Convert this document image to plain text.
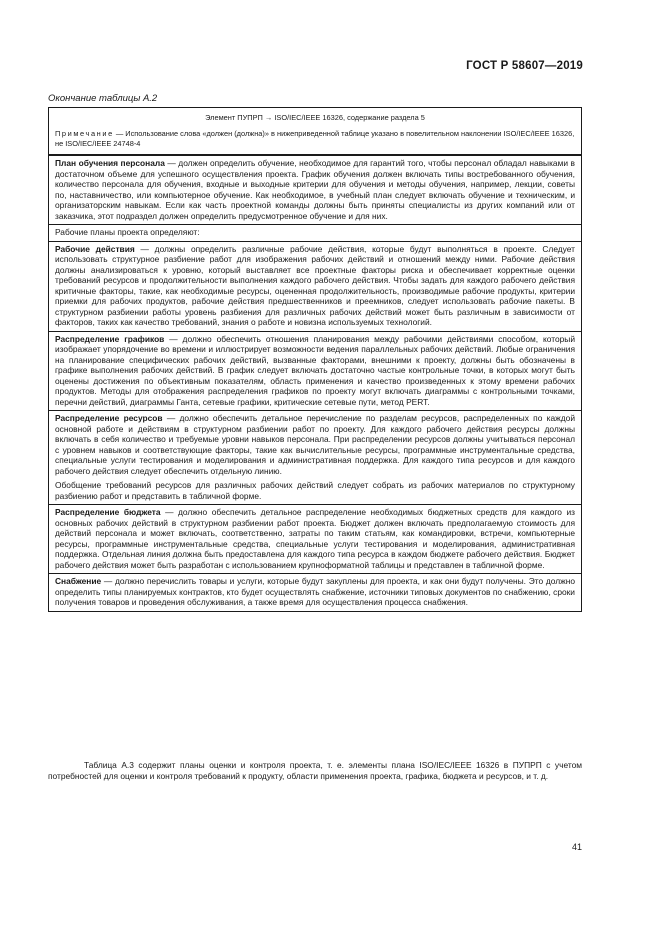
ГОСТ Р 58607—2019
Окончание таблицы А.2
Элемент ПУПРП → ISO/IEC/IEEE 16326, содержание раздела 5
Примечание — Использование слова «должен (должна)» в нижеприведенной таблице указано в повелительном наклонении ISO/IEC/IEEE 16326, не ISO/IEC/IEEE 24748-4

План обучения персонала — должен определить обучение, необходимое для гарантий того, чтобы персонал обладал навыками в достаточном объеме для успешного осуществления проекта. График обучения должен включать типы востребованного обучения, количество персонала для обучения, входные и выходные критерии для обучения и методы обучения, например, лекции, советы по, наставничество, или компьютерное обучение. Как необходимое, в учебный план следует включать обучение и техническим, и организаторским навыкам. Если как часть проектной команды должны быть приняты специалисты из других компаний или от заказчика, этот подраздел должен определить предусмотренное обучение и для них.

Рабочие планы проекта определяют:

Рабочие действия — должны определить различные рабочие действия, которые будут выполняться в проекте. Следует использовать структурное разбиение работ для изображения рабочих действий и отношений между ними. Рабочие действия должны анализироваться к уровню, который выставляет все проектные факторы риска и обеспечивает корректные оценки требований ресурсов и продолжительности выполнения каждого рабочего действия. Чтобы задать для каждого рабочего действия критичные факторы, такие, как необходимые ресурсы, оцененная продолжительность, производимые рабочие продукты, критерии приемки для рабочих продуктов, рабочие действия предшественников и преемников, следует использовать рабочие пакеты. В структурном разбиении работы уровень разбиения для различных рабочих действий может быть различным в зависимости от факторов, таких как качество требований, знания о работе и новизна используемых технологий.

Распределение графиков — должно обеспечить отношения планирования между рабочими действиями способом, который изображает упорядочение во времени и иллюстрирует возможности ведения параллельных рабочих действий. Любые ограничения на планирование специфических рабочих действий, вызванные факторами, внешними к проекту, должны быть обозначены в графике выполнения рабочих действий. В график следует включать достаточно частые контрольные точки, в которых могут быть оценены достижения по объективным показателям, область применения и качество произведенных к этому времени рабочих продуктов. Методы для отображения распределения графиков по проекту могут включать диаграммы с контрольными точками, перечни действий, диаграммы Ганта, сетевые графики, критические сетевые пути, метод PERT.

Распределение ресурсов — должно обеспечить детальное перечисление по разделам ресурсов, распределенных по каждой основной работе и действиям в структурном разбиении работ по проекту. Для каждого рабочего действия ресурсы должны включать в себя количество и требуемые уровни навыков персонала. При распределении ресурсов должны учитываться персонал с уровнем навыков и соответствующие факторы, такие как вычислительные ресурсы, программные инструментальные средства, специальные услуги тестирования и моделирования и административная поддержка. Для каждого типа ресурсов и для каждого рабочего действия следует обеспечить отдельную линию.

Обобщение требований ресурсов для различных рабочих действий следует собрать из рабочих материалов по структурному разбиению работ и представить в табличной форме.

Распределение бюджета — должно обеспечить детальное распределение необходимых бюджетных средств для каждого из основных рабочих действий в структурном разбиении работ проекта. Бюджет должен включать предполагаемую стоимость для действий персонала и может включать, соответственно, затраты по таким статьям, как командировки, встречи, компьютерные ресурсы, программные инструментальные средства, специальные услуги тестирования и моделирования, административная поддержка. Отдельная линия должна быть предоставлена для каждого типа ресурса в каждом бюджете рабочего действия. Бюджет рабочего действия может быть разработан с использованием крупноформатной таблицы и представлен в табличной форме.

Снабжение — должно перечислить товары и услуги, которые будут закуплены для проекта, и как они будут получены. Это должно определить типы планируемых контрактов, кто будет осуществлять снабжение, источники типовых документов по снабжению, сроки получения товаров и проведения обслуживания, а также время для осуществления процесса снабжения.

Таблица А.3 содержит планы оценки и контроля проекта, т. е. элементы плана ISO/IEC/IEEE 16326 в ПУПРП с учетом потребностей для оценки и контроля требований к продукту, области применения проекта, графика, бюджета и ресурсов, и т. д.
41
